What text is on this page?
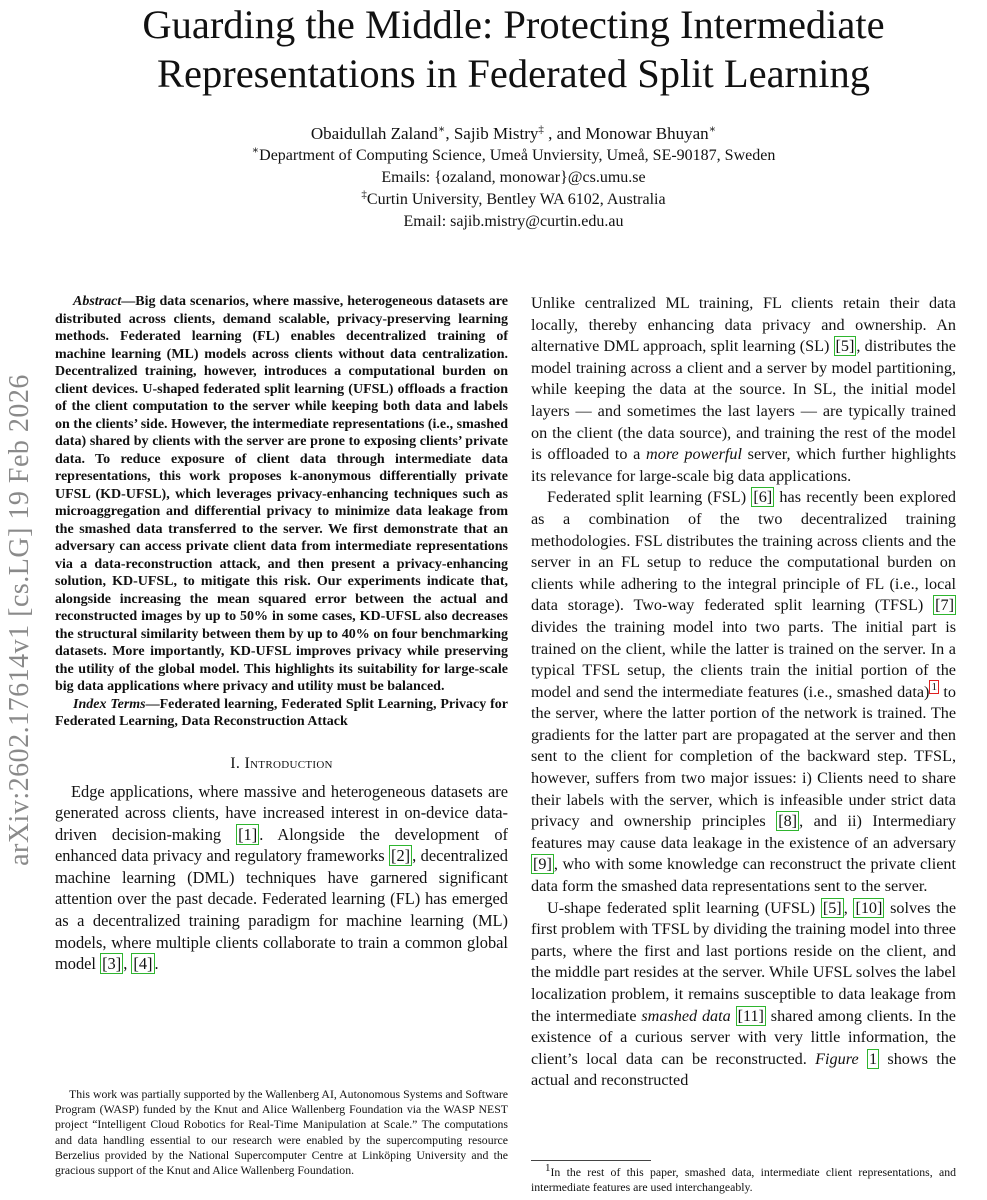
arXiv:2602.17614v1 [cs.LG] 19 Feb 2026
Guarding the Middle: Protecting Intermediate
Representations in Federated Split Learning
Obaidullah Zaland∗, Sajib Mistry‡ , and Monowar Bhuyan∗
∗Department of Computing Science, Umeå Unviersity, Umeå, SE-90187, Sweden
Emails: {ozaland, monowar}@cs.umu.se
‡Curtin University, Bentley WA 6102, Australia
Email: sajib.mistry@curtin.edu.au

Abstract—Big data scenarios, where massive, heterogeneous datasets are distributed across clients, demand scalable, privacy-preserving learning methods. Federated learning (FL) enables decentralized training of machine learning (ML) models across clients without data centralization. Decentralized training, however, introduces a computational burden on client devices. U-shaped federated split learning (UFSL) offloads a fraction of the client computation to the server while keeping both data and labels on the clients’ side. However, the intermediate representations (i.e., smashed data) shared by clients with the server are prone to exposing clients’ private data. To reduce exposure of client data through intermediate data representations, this work proposes k-anonymous differentially private UFSL (KD-UFSL), which leverages privacy-enhancing techniques such as microaggregation and differential privacy to minimize data leakage from the smashed data transferred to the server. We first demonstrate that an adversary can access private client data from intermediate representations via a data-reconstruction attack, and then present a privacy-enhancing solution, KD-UFSL, to mitigate this risk. Our experiments indicate that, alongside increasing the mean squared error between the actual and reconstructed images by up to 50% in some cases, KD-UFSL also decreases the structural similarity between them by up to 40% on four benchmarking datasets. More importantly, KD-UFSL improves privacy while preserving the utility of the global model. This highlights its suitability for large-scale big data applications where privacy and utility must be balanced.

Index Terms—Federated learning, Federated Split Learning, Privacy for Federated Learning, Data Reconstruction Attack

I. Introduction

Edge applications, where massive and heterogeneous datasets are generated across clients, have increased interest in on-device data-driven decision-making [1] . Alongside the development of enhanced data privacy and regulatory frameworks [2] , decentralized machine learning (DML) techniques have garnered significant attention over the past decade. Federated learning (FL) has emerged as a decentralized training paradigm for machine learning (ML) models, where multiple clients collaborate to train a common global model [3] , [4] .

This work was partially supported by the Wallenberg AI, Autonomous Systems and Software Program (WASP) funded by the Knut and Alice Wallenberg Foundation via the WASP NEST project “Intelligent Cloud Robotics for Real-Time Manipulation at Scale.” The computations and data handling essential to our research were enabled by the supercomputing resource Berzelius provided by the National Supercomputer Centre at Linköping University and the gracious support of the Knut and Alice Wallenberg Foundation.

Unlike centralized ML training, FL clients retain their data locally, thereby enhancing data privacy and ownership. An alternative DML approach, split learning (SL) [5] , distributes the model training across a client and a server by model partitioning, while keeping the data at the source. In SL, the initial model layers — and sometimes the last layers — are typically trained on the client (the data source), and training the rest of the model is offloaded to a more powerful server, which further highlights its relevance for large-scale big data applications.

Federated split learning (FSL) [6] has recently been explored as a combination of the two decentralized training methodologies. FSL distributes the training across clients and the server in an FL setup to reduce the computational burden on clients while adhering to the integral principle of FL (i.e., local data storage). Two-way federated split learning (TFSL) [7] divides the training model into two parts. The initial part is trained on the client, while the latter is trained on the server. In a typical TFSL setup, the clients train the initial portion of the model and send the intermediate features (i.e., smashed data) $^1$ to the server, where the latter portion of the network is trained. The gradients for the latter part are propagated at the server and then sent to the client for completion of the backward step. TFSL, however, suffers from two major issues: i) Clients need to share their labels with the server, which is infeasible under strict data privacy and ownership principles [8] , and ii) Intermediary features may cause data leakage in the existence of an adversary [9] , who with some knowledge can reconstruct the private client data form the smashed data representations sent to the server.

U-shape federated split learning (UFSL) [5] , [10] solves the first problem with TFSL by dividing the training model into three parts, where the first and last portions reside on the client, and the middle part resides at the server. While UFSL solves the label localization problem, it remains susceptible to data leakage from the intermediate smashed data [11] shared among clients. In the existence of a curious server with very little information, the client’s local data can be reconstructed. Figure 1 shows the actual and reconstructed

$^1$In the rest of this paper, smashed data, intermediate client representations, and intermediate features are used interchangeably.
